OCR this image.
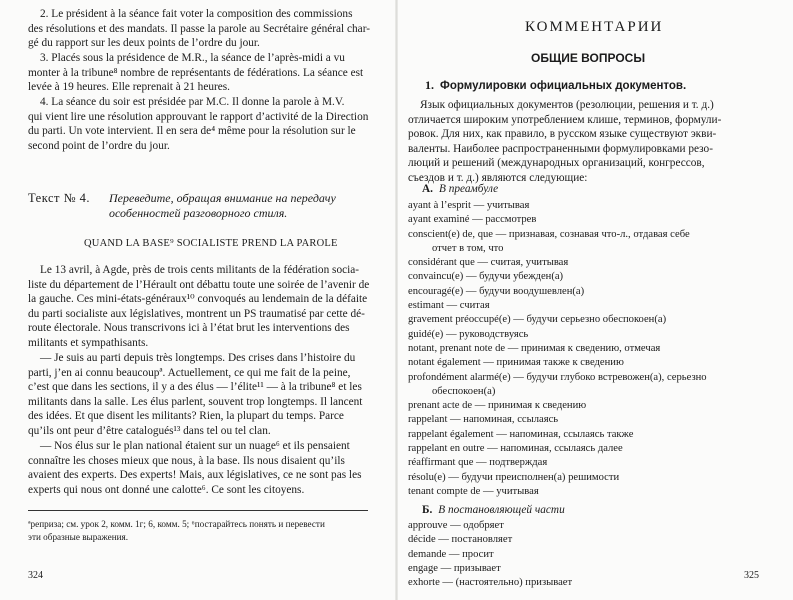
2. Le président à la séance fait voter la composition des commissions
des résolutions et des mandats. Il passe la parole au Secrétaire général char-
gé du rapport sur les deux points de l’ordre du jour.
3. Placés sous la présidence de M.R., la séance de l’après-midi a vu
monter à la tribune⁸ nombre de représentants de fédérations. La séance est
levée à 19 heures. Elle reprenait à 21 heures.
4. La séance du soir est présidée par M.C. Il donne la parole à M.V.
qui vient lire une résolution approuvant le rapport d’activité de la Direction
du parti. Un vote intervient. Il en sera de⁴ même pour la résolution sur le
second point de l’ordre du jour.
Текст № 4. Переведите, обращая внимание на передачу
особенностей разговорного стиля.
QUAND LA BASE⁹ SOCIALISTE PREND LA PAROLE
Le 13 avril, à Agde, près de trois cents militants de la fédération socia-
liste du département de l’Hérault ont débattu toute une soirée de l’avenir de
la gauche. Ces mini-états-généraux¹⁰ convoqués au lendemain de la défaite
du parti socialiste aux législatives, montrent un PS traumatisé par cette dé-
route électorale. Nous transcrivons ici à l’état brut les interventions des
militants et sympathisants.
— Je suis au parti depuis très longtemps. Des crises dans l’histoire du
parti, j’en ai connu beaucoupª. Actuellement, ce qui me fait de la peine,
c’est que dans les sections, il y a des élus — l’élite¹¹ — à la tribune⁸ et les
militants dans la salle. Les élus parlent, souvent trop longtemps. Il lancent
des idées. Et que disent les militants? Rien, la plupart du temps. Parce
qu’ils ont peur d’être catalogués¹³ dans tel ou tel clan.
— Nos élus sur le plan national étaient sur un nuage⁶ et ils pensaient
connaître les choses mieux que nous, à la base. Ils nous disaient qu’ils
avaient des experts. Des experts! Mais, aux législatives, ce ne sont pas les
experts qui nous ont donné une calotte⁶. Ce sont les citoyens.
ªрепризa; см. урок 2, комм. 1г; 6, комм. 5; ⁶постарайтесь понять и перевести
эти образные выражения.
324
КОММЕНТАРИИ
ОБЩИЕ ВОПРОСЫ
1. Формулировки официальных документов.
Язык официальных документов (резолюции, решения и т. д.)
отличается широким употреблением клише, терминов, формули-
ровок. Для них, как правило, в русском языке существуют экви-
валенты. Наиболее распространенными формулировками резо-
люций и решений (международных организаций, конгрессов,
съездов и т. д.) являются следующие:
А. В преамбуле
ayant à l’esprit — учитывая
ayant examiné — рассмотрев
conscient(e) de, que — признавая, сознавая что-л., отдавая себе
отчет в том, что
considérant que — считая, учитывая
convaincu(e) — будучи убежден(а)
encouragé(e) — будучи воодушевлен(а)
estimant — считая
gravement préoccupé(e) — будучи серьезно обеспокоен(а)
guidé(e) — руководствуясь
notant, prenant note de — принимая к сведению, отмечая
notant également — принимая также к сведению
profondément alarmé(e) — будучи глубоко встревожен(а), серьезно
обеспокоен(а)
prenant acte de — принимая к сведению
rappelant — напоминая, ссылаясь
rappelant également — напоминая, ссылаясь также
rappelant en outre — напоминая, ссылаясь далее
réaffirmant que — подтверждая
résolu(e) — будучи преисполнен(а) решимости
tenant compte de — учитывая
Б. В постановляющей части
approuve — одобряет
décide — постановляет
demande — просит
engage — призывает
exhorte — (настоятельно) призывает
325
